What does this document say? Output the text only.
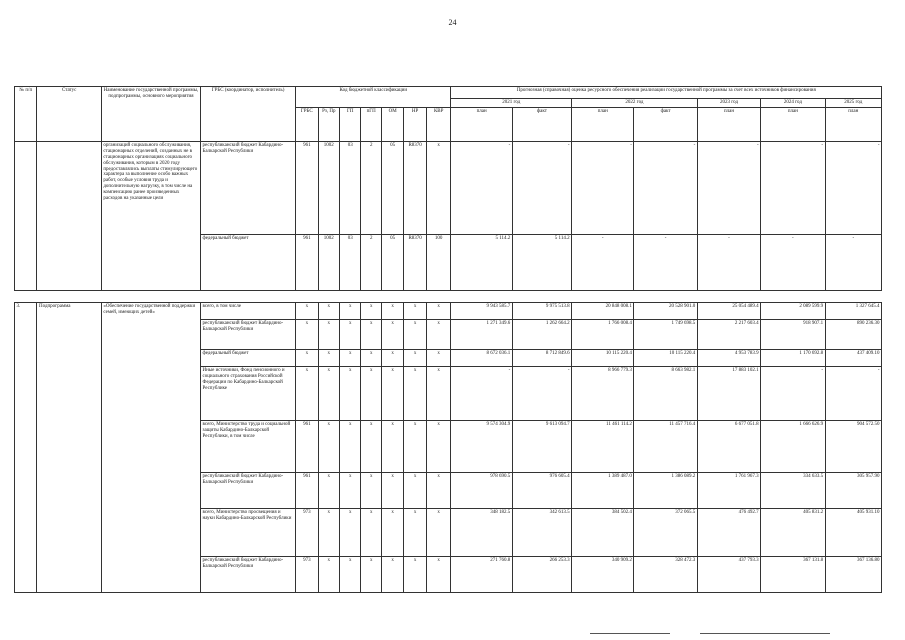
24
№ п/п	Статус	Наименование государственной программы, подпрограммы, основного мероприятия	ГРБС (координатор, исполнитель)	Код бюджетной классификации							Прогнозная (справочная) оценка ресурсного обеспечения реализации государственной программы за счет всех источников финансирования						
											2021 год		2022 год		2023 год	2024 год	2025 год
				ГРБС	Рз, Пр	ГП	пГП	ОМ	НР	КВР	план	факт	план	факт	план	план	план
		организаций социального обслуживания, стационарных отделений, созданных не в стационарных организациях социального обслуживания, которым в 2020 году предоставлялись выплаты стимулирующего характера за выполнение особо важных работ, особые условия труда и дополнительную нагрузку, в том числе на компенсацию ранее произведенных расходов на указанные цели	республиканский бюджет Кабардино-Балкарской Республики	961	1002	03	2	05	R8370	x	-	-	-	-	-	-	-
			федеральный бюджет	961	1002	03	2	05	R8370	100	5 114.2	5 114.2	-	-	-	-	-

3.	Подпрограмма	«Обеспечение государственной поддержки семей, имеющих детей»	всего, в том числе	x	x	x	x	x	x	x	9 943 585.7	9 975 513.8	20 848 008.1	20 528 901.0	25 054 489.4	2 089 599.9	1 327 645.4
			республиканский бюджет Кабардино-Балкарской Республики	x	x	x	x	x	x	x	1 271 349.6	1 262 664.2	1 766 008.4	1 749 698.5	2 217 603.4	918 907.1	890 236.30
			федеральный бюджет	x	x	x	x	x	x	x	8 672 036.1	8 712 849.6	10 115 220.4	10 115 220.4	4 953 783.9	1 170 692.8	437 409.10
			Иные источники, Фонд пенсионного и социального страхования Российской Федерации по Кабардино-Балкарской Республике	x	x	x	x	x	x	x	-	-	8 966 779.3	8 663 982.1	17 883 102.1	-	-
			всего, Министерство труда и социальной защиты Кабардино-Балкарской Республики, в том числе	961	x	x	x	x	x	x	9 574 304.9	9 613 094.7	11 461 114.2	11 457 716.4	6 677 051.8	1 666 626.9	904 572.50
			республиканский бюджет Кабардино-Балкарской Республики	961	x	x	x	x	x	x	978 690.5	976 605.4	1 389 487.0	1 386 089.2	1 761 967.3	334 633.5	305 957.90
			всего, Министерство просвещения и науки Кабардино-Балкарской Республики	973	x	x	x	x	x	x	348 182.5	342 613.5	384 502.4	372 065.5	476 492.7	405 831.2	405 931.10
			республиканский бюджет Кабардино-Балкарской Республики	973	x	x	x	x	x	x	271 760.8	266 253.3	340 909.2	328 472.3	437 793.3	367 131.8	367 136.80
